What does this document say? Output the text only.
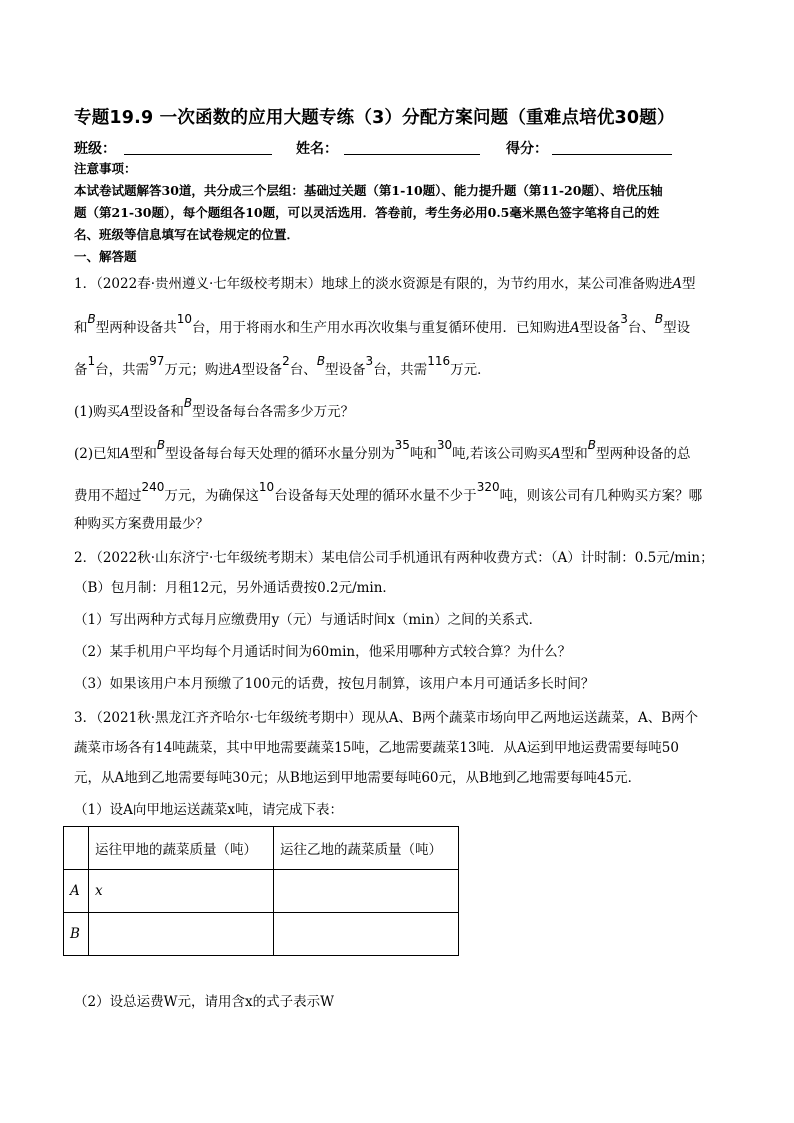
专题19.9 一次函数的应用大题专练（3）分配方案问题（重难点培优30题）
班级：	姓名：	得分：
注意事项：
本试卷试题解答30道，共分成三个层组：基础过关题（第1-10题）、能力提升题（第11-20题）、培优压轴
题（第21-30题），每个题组各10题，可以灵活选用．答卷前，考生务必用0.5毫米黑色签字笔将自己的姓
名、班级等信息填写在试卷规定的位置．
一、解答题
1．（2022春·贵州遵义·七年级校考期末）地球上的淡水资源是有限的，为节约用水，某公司准备购进A型
和B型两种设备共10台，用于将雨水和生产用水再次收集与重复循环使用．已知购进A型设备3台、B型设
备1台，共需97万元；购进A型设备2台、B型设备3台，共需116万元．
(1)购买A型设备和B型设备每台各需多少万元？
(2)已知A型和B型设备每台每天处理的循环水量分别为35吨和30吨,若该公司购买A型和B型两种设备的总
费用不超过240万元，为确保这10台设备每天处理的循环水量不少于320吨，则该公司有几种购买方案？哪
种购买方案费用最少？
2．（2022秋·山东济宁·七年级统考期末）某电信公司手机通讯有两种收费方式：（A）计时制：0.5元/min；
（B）包月制：月租12元，另外通话费按0.2元/min．
（1）写出两种方式每月应缴费用y（元）与通话时间x（min）之间的关系式．
（2）某手机用户平均每个月通话时间为60min，他采用哪种方式较合算？为什么？
（3）如果该用户本月预缴了100元的话费，按包月制算，该用户本月可通话多长时间？
3．（2021秋·黑龙江齐齐哈尔·七年级统考期中）现从A、B两个蔬菜市场向甲乙两地运送蔬菜，A、B两个
蔬菜市场各有14吨蔬菜，其中甲地需要蔬菜15吨，乙地需要蔬菜13吨．从A运到甲地运费需要每吨50
元，从A地到乙地需要每吨30元；从B地运到甲地需要每吨60元，从B地到乙地需要每吨45元．
（1）设A向甲地运送蔬菜x吨，请完成下表：
	运往甲地的蔬菜质量（吨）	运往乙地的蔬菜质量（吨）
A	x	
B		
（2）设总运费W元，请用含x的式子表示W
